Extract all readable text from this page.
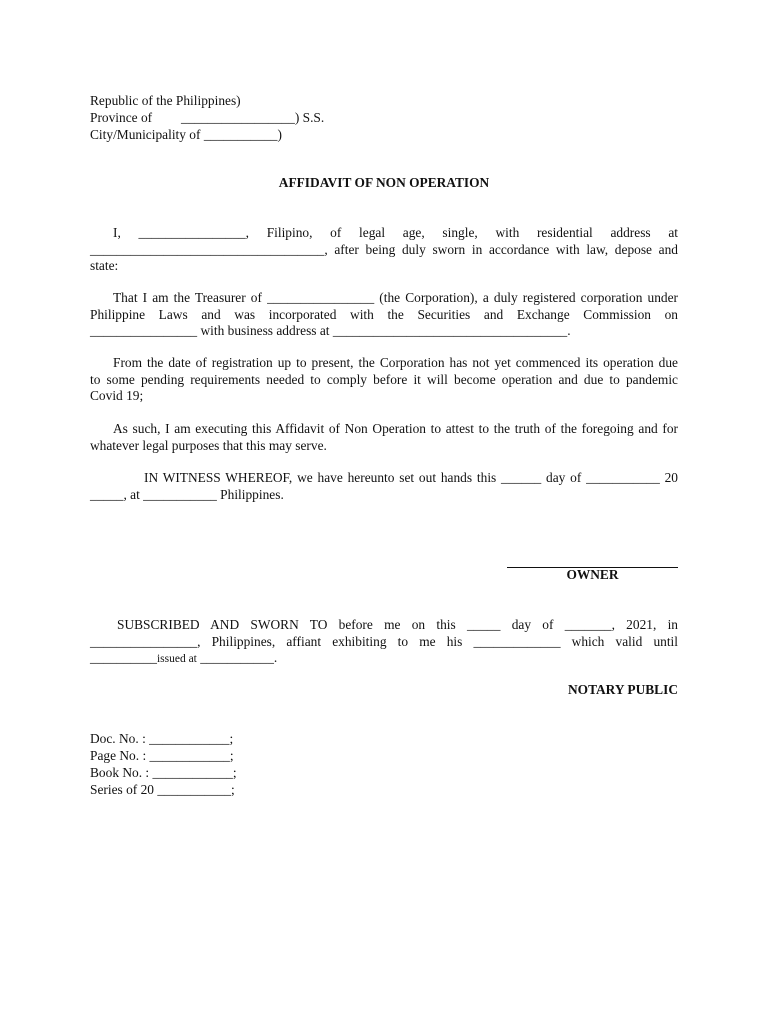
Republic of the Philippines)
Province of _________________) S.S.
City/Municipality of ___________)
AFFIDAVIT OF NON OPERATION
I, ________________, Filipino, of legal age, single, with residential address at
___________________________________, after being duly sworn in accordance with law, depose and
state:
That I am the Treasurer of ________________ (the Corporation), a duly registered corporation under
Philippine Laws and was incorporated with the Securities and Exchange Commission on
________________ with business address at ___________________________________.
From the date of registration up to present, the Corporation has not yet commenced its operation due
to some pending requirements needed to comply before it will become operation and due to pandemic
Covid 19;
As such, I am executing this Affidavit of Non Operation to attest to the truth of the foregoing and for
whatever legal purposes that this may serve.
IN WITNESS WHEREOF, we have hereunto set out hands this ______ day of ___________ 20
_____, at ___________ Philippines.
OWNER
SUBSCRIBED AND SWORN TO before me on this _____ day of _______, 2021, in
________________, Philippines, affiant exhibiting to me his _____________ which valid until
__________issued at ___________.
NOTARY PUBLIC
Doc. No. : ____________;
Page No. : ____________;
Book No. : ____________;
Series of 20 ___________;
